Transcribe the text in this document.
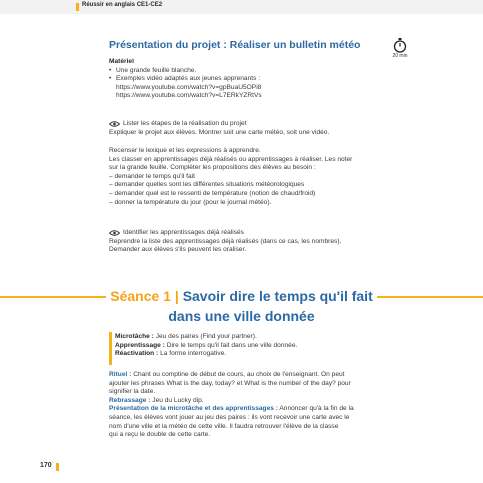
Réussir en anglais CE1-CE2
Présentation du projet : Réaliser un bulletin météo
20 min
Matériel
• Une grande feuille blanche.
• Exemples vidéo adaptés aux jeunes apprenants :
https://www.youtube.com/watch?v=gpBuaU5OPi8
https://www.youtube.com/watch?v=L7ERkYZRtVs
Lister les étapes de la réalisation du projet
Expliquer le projet aux élèves. Montrer soit une carte météo, soit une vidéo.
Recenser le lexique et les expressions à apprendre.
Les classer en apprentissages déjà réalisés ou apprentissages à réaliser. Les noter
sur la grande feuille. Compléter les propositions des élèves au besoin :
– demander le temps qu'il fait
– demander quelles sont les différentes situations météorologiques
– demander quel est le ressenti de température (notion de chaud/froid)
– donner la température du jour (pour le journal météo).
Identifier les apprentissages déjà réalisés
Reprendre la liste des apprentissages déjà réalisés (dans ce cas, les nombres).
Demander aux élèves s'ils peuvent les oraliser.
Séance 1 | Savoir dire le temps qu'il fait
dans une ville donnée
Microtâche : Jeu des paires (Find your partner).
Apprentissage : Dire le temps qu'il fait dans une ville donnée.
Réactivation : La forme interrogative.
Rituel : Chant ou comptine de début de cours, au choix de l'enseignant. On peut
ajouter les phrases What is the day, today? et What is the number of the day? pour
signifier la date.
Rebrassage : Jeu du Lucky dip.
Présentation de la microtâche et des apprentissages : Annoncer qu'à la fin de la
séance, les élèves vont jouer au jeu des paires : ils vont recevoir une carte avec le
nom d'une ville et la météo de cette ville. Il faudra retrouver l'élève de la classe
qui a reçu le double de cette carte.
170
